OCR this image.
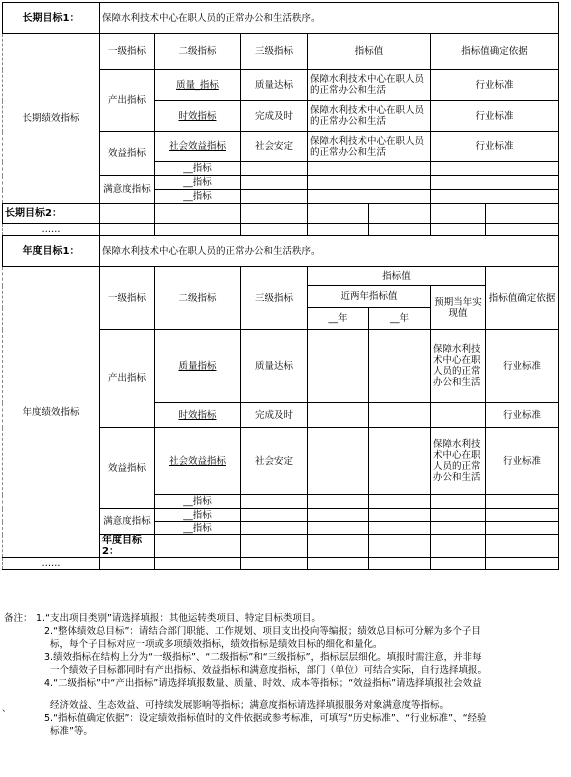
长期目标1：	保障水利技术中心在职人员的正常办公和生活秩序。							
长期绩效指标	一级指标	二级指标	三级指标	指标值		指标值确定依据		
	产出指标	质量_指标	质量达标	保障水利技术中心在职人员的正常办公和生活		行业标准		
		时效指标	完成及时	保障水利技术中心在职人员的正常办公和生活		行业标准		
	效益指标	社会效益指标	社会安定	保障水利技术中心在职人员的正常办公和生活		行业标准		
		__指标						
	满意度指标	__指标						
		__指标						
长期目标2：								
……								
年度目标1：	保障水利技术中心在职人员的正常办公和生活秩序。							
年度绩效指标	一级指标	二级指标	三级指标	指标值			指标值确定依据	
				近两年指标值		预期当年实现值		
				__年	__年			
	产出指标	质量指标	质量达标			保障水利技术中心在职人员的正常办公和生活	行业标准	
		时效指标	完成及时				行业标准	
	效益指标	社会效益指标	社会安定			保障水利技术中心在职人员的正常办公和生活	行业标准	
		__指标						
	满意度指标	__指标						
		__指标						
	年度目标2：							
……								
备注： 1.“支出项目类别”请选择填报：其他运转类项目、特定目标类项目。
2.“整体绩效总目标”：请结合部门职能、工作规划、项目支出投向等编报；绩效总目标可分解为多个子目
标，每个子目标对应一项或多项绩效指标，绩效指标是绩效目标的细化和量化。
3.绩效指标在结构上分为“一级指标”、“二级指标”和“三级指标”，指标层层细化。填报时需注意，并非每
一个绩效子目标都同时有产出指标、效益指标和满意度指标，部门（单位）可结合实际，自行选择填报。
4.“二级指标”中“产出指标”请选择填报数量、质量、时效、成本等指标；“效益指标”请选择填报社会效益
经济效益、生态效益、可持续发展影响等指标；满意度指标请选择填报服务对象满意度等指标。
5.“指标值确定依据”：设定绩效指标值时的文件依据或参考标准，可填写“历史标准”、“行业标准”、“经验
标准”等。
、
